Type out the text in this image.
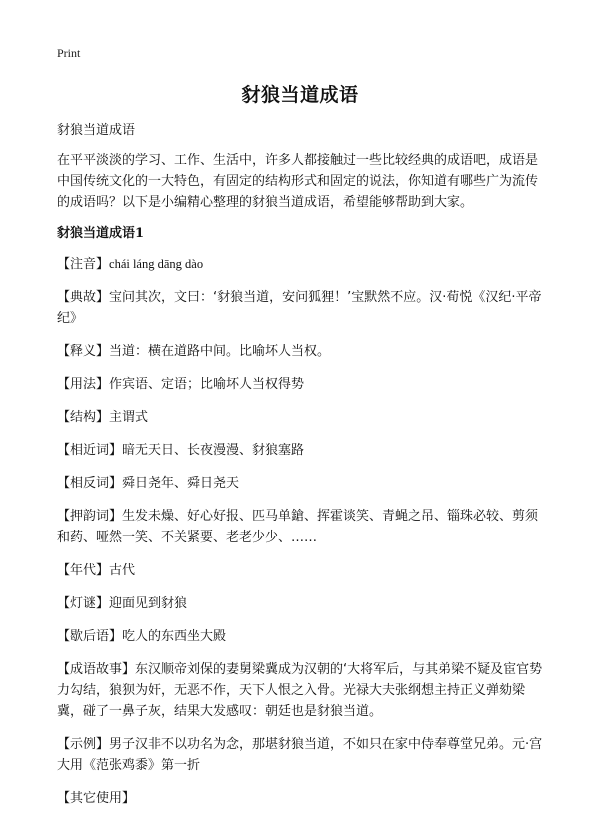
Print
豺狼当道成语

豺狼当道成语

在平平淡淡的学习、工作、生活中，许多人都接触过一些比较经典的成语吧，成语是中国传统文化的一大特色，有固定的结构形式和固定的说法，你知道有哪些广为流传的成语吗？以下是小编精心整理的豺狼当道成语，希望能够帮助到大家。

豺狼当道成语1

【注音】chái láng dāng dào

【典故】宝问其次，文曰：‘豺狼当道，安问狐狸！’宝默然不应。汉·荀悦《汉纪·平帝纪》

【释义】当道：横在道路中间。比喻坏人当权。

【用法】作宾语、定语；比喻坏人当权得势

【结构】主谓式

【相近词】暗无天日、长夜漫漫、豺狼塞路

【相反词】舜日尧年、舜日尧天

【押韵词】生发未燥、好心好报、匹马单鎗、挥霍谈笑、青蝇之吊、锱珠必较、剪须和药、哑然一笑、不关紧要、老老少少、……

【年代】古代

【灯谜】迎面见到豺狼

【歇后语】吃人的东西坐大殿

【成语故事】东汉顺帝刘保的妻舅梁冀成为汉朝的‘大将军后，与其弟梁不疑及宦官势力勾结，狼狈为奸，无恶不作，天下人恨之入骨。光禄大夫张纲想主持正义弹劾梁冀，碰了一鼻子灰，结果大发感叹：朝廷也是豺狼当道。

【示例】男子汉非不以功名为念，那堪豺狼当道，不如只在家中侍奉尊堂兄弟。元·宫大用《范张鸡黍》第一折

【其它使用】
